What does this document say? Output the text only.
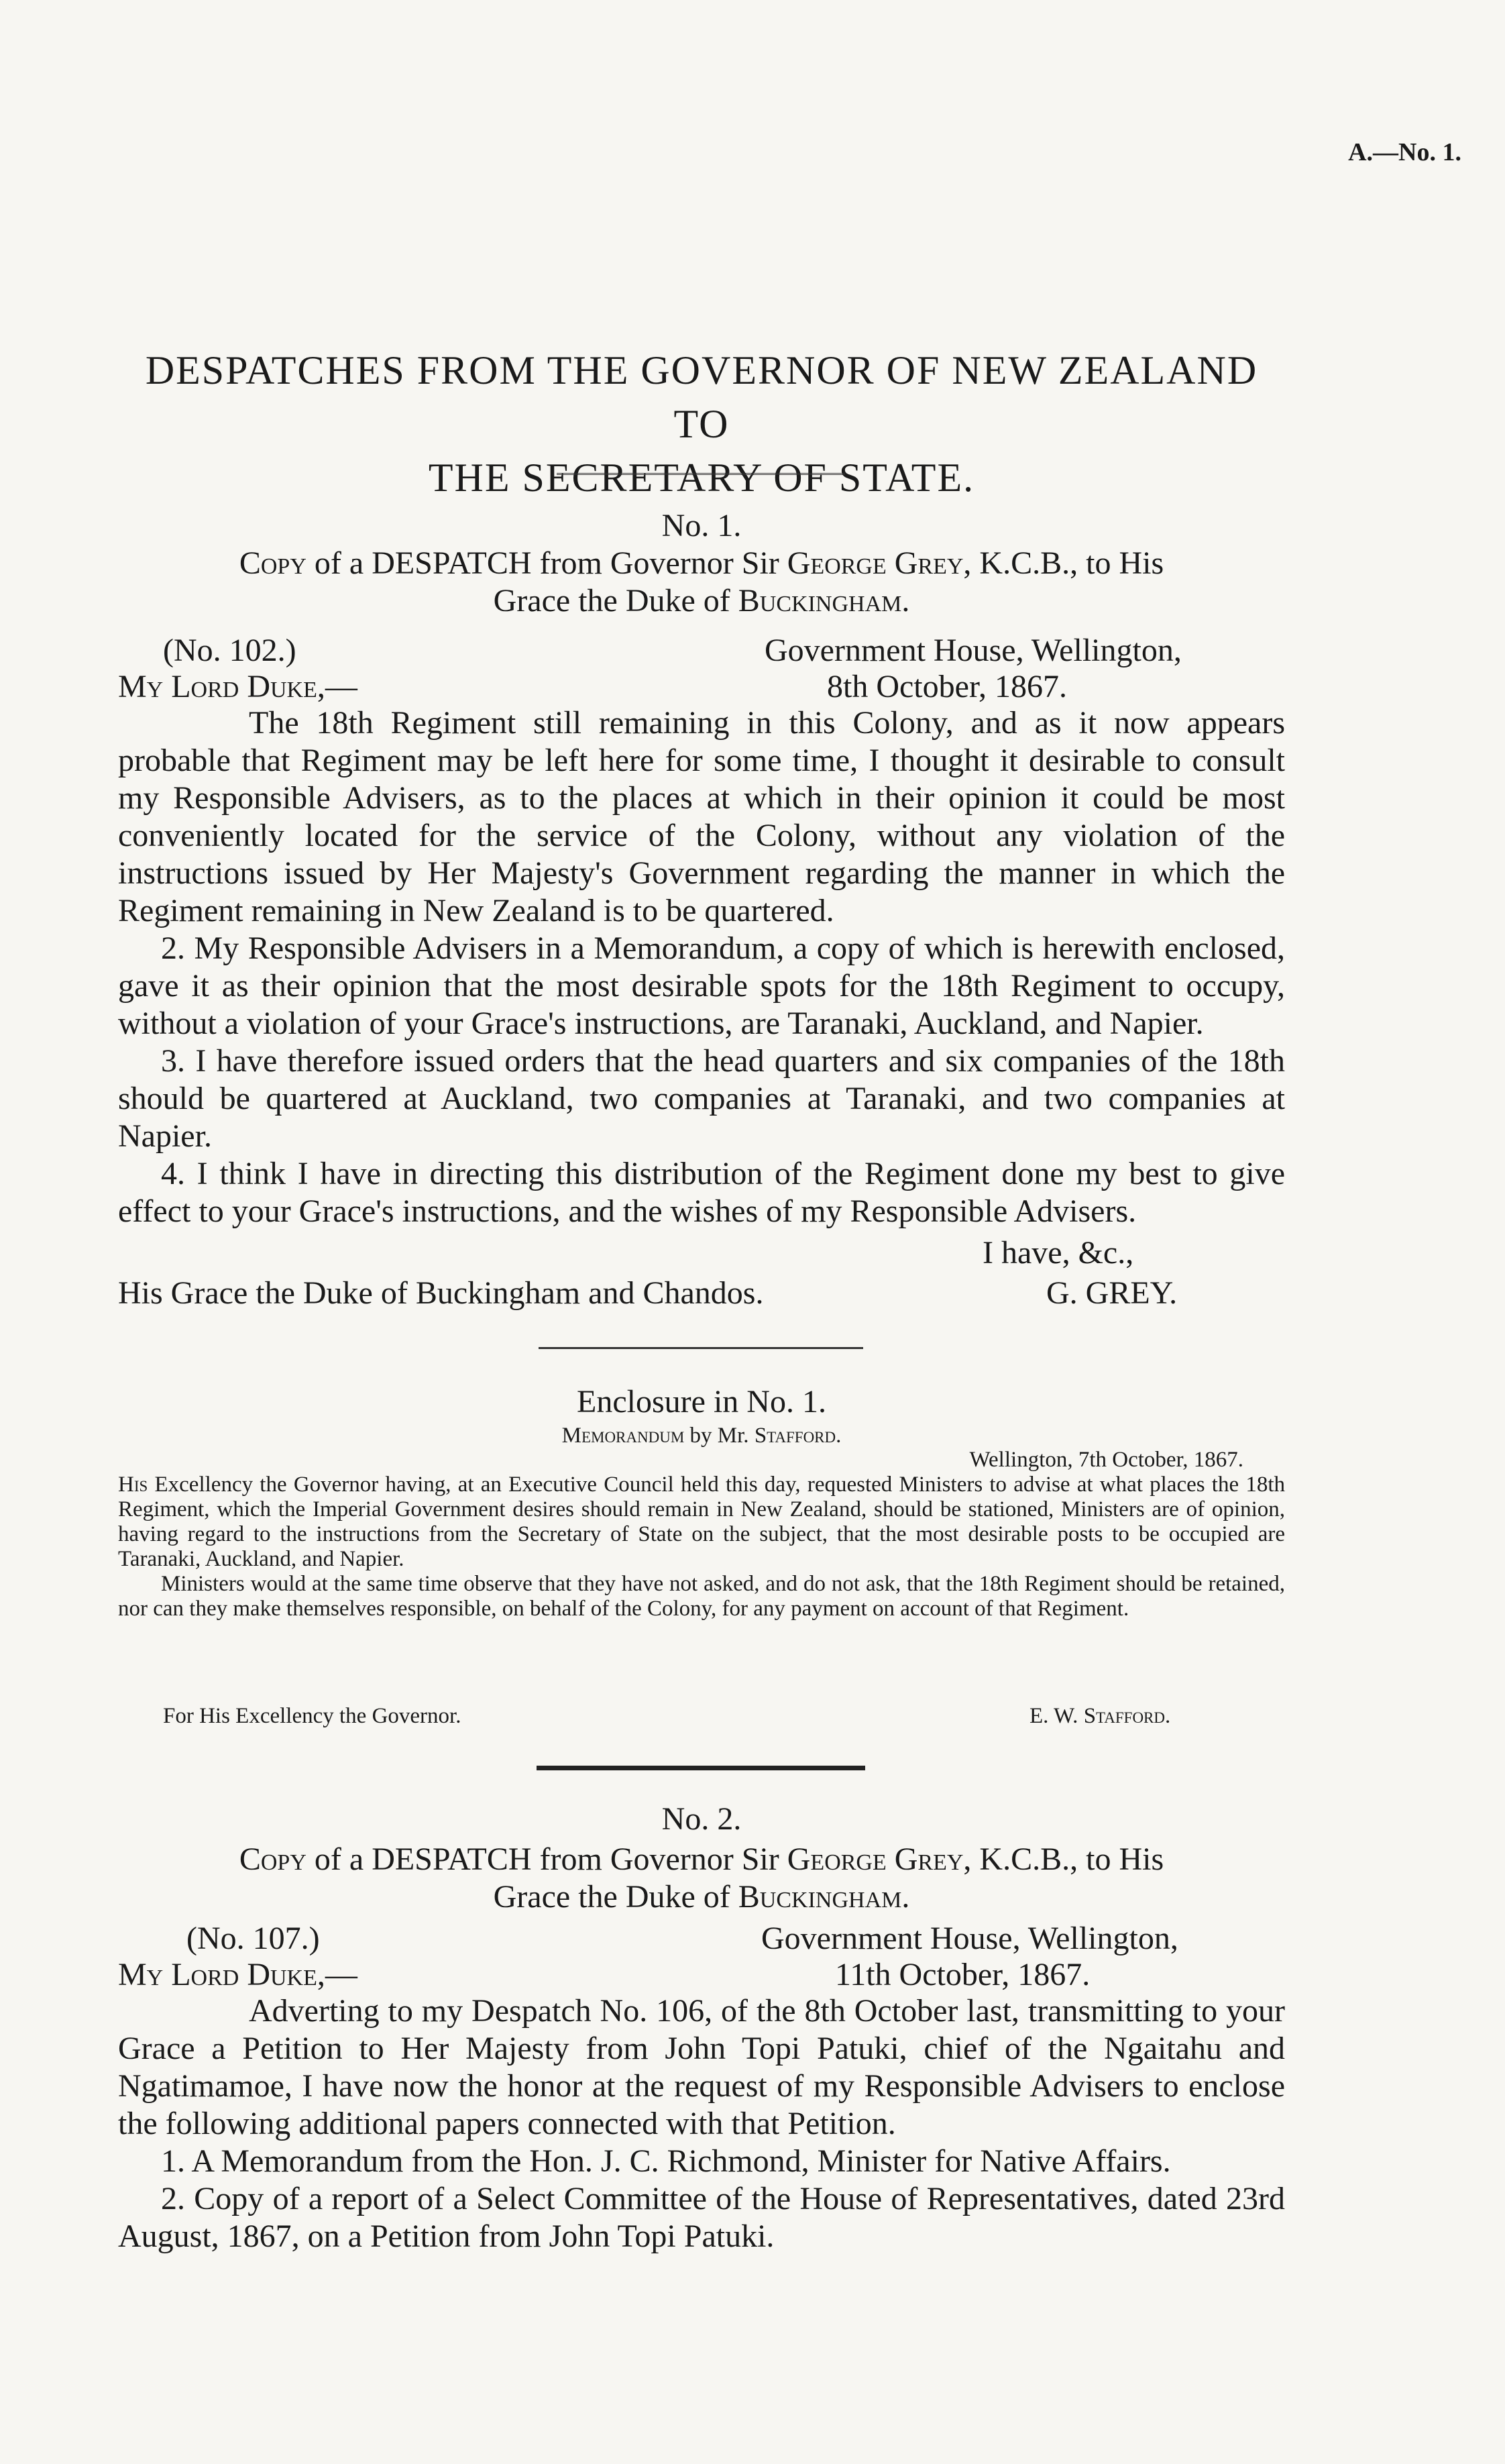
A.—No. 1.
DESPATCHES FROM THE GOVERNOR OF NEW ZEALAND TO
THE SECRETARY OF STATE.
No. 1.
Copy of a DESPATCH from Governor Sir George Grey, K.C.B., to His
Grace the Duke of Buckingham.
(No. 102.)	Government House, Wellington,
My Lord Duke,—	8th October, 1867.

The 18th Regiment still remaining in this Colony, and as it now appears probable that Regiment may be left here for some time, I thought it desirable to consult my Responsible Advisers, as to the places at which in their opinion it could be most conveniently located for the service of the Colony, without any violation of the instructions issued by Her Majesty's Government regarding the manner in which the Regiment remaining in New Zealand is to be quartered.

2. My Responsible Advisers in a Memorandum, a copy of which is herewith enclosed, gave it as their opinion that the most desirable spots for the 18th Regiment to occupy, without a violation of your Grace's instructions, are Taranaki, Auckland, and Napier.

3. I have therefore issued orders that the head quarters and six companies of the 18th should be quartered at Auckland, two companies at Taranaki, and two companies at Napier.

4. I think I have in directing this distribution of the Regiment done my best to give effect to your Grace's instructions, and the wishes of my Responsible Advisers.

I have, &c.,
His Grace the Duke of Buckingham and Chandos.	G. GREY.
Enclosure in No. 1.
Memorandum by Mr. Stafford.
Wellington, 7th October, 1867.

His Excellency the Governor having, at an Executive Council held this day, requested Ministers to advise at what places the 18th Regiment, which the Imperial Government desires should remain in New Zealand, should be stationed, Ministers are of opinion, having regard to the instructions from the Secretary of State on the subject, that the most desirable posts to be occupied are Taranaki, Auckland, and Napier.

Ministers would at the same time observe that they have not asked, and do not ask, that the 18th Regiment should be retained, nor can they make themselves responsible, on behalf of the Colony, for any payment on account of that Regiment.

For His Excellency the Governor.	E. W. Stafford.
No. 2.
Copy of a DESPATCH from Governor Sir George Grey, K.C.B., to His
Grace the Duke of Buckingham.
(No. 107.)	Government House, Wellington,
My Lord Duke,—	11th October, 1867.

Adverting to my Despatch No. 106, of the 8th October last, transmitting to your Grace a Petition to Her Majesty from John Topi Patuki, chief of the Ngaitahu and Ngatimamoe, I have now the honor at the request of my Responsible Advisers to enclose the following additional papers connected with that Petition.

1. A Memorandum from the Hon. J. C. Richmond, Minister for Native Affairs.

2. Copy of a report of a Select Committee of the House of Representatives, dated 23rd August, 1867, on a Petition from John Topi Patuki.
